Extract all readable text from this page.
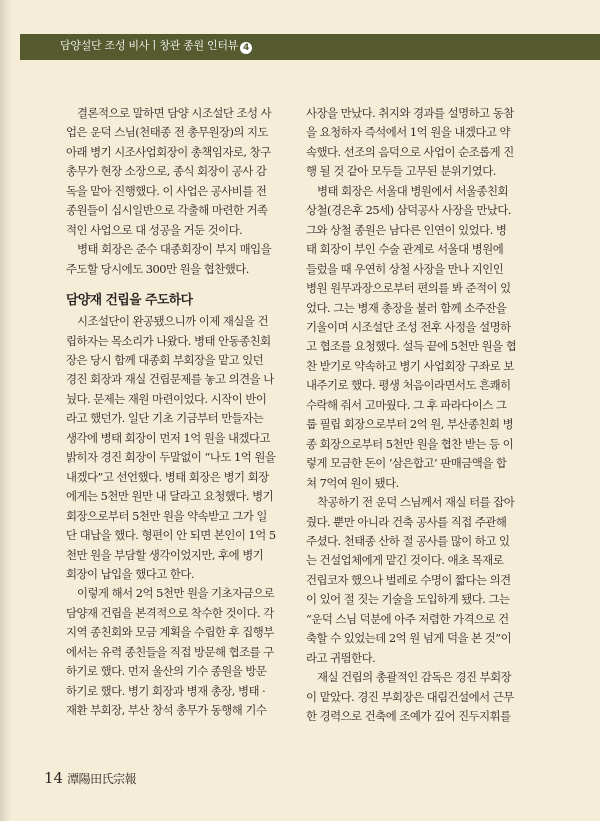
담양설단 조성 비사ㅣ창관 종원 인터뷰 4
결론적으로 말하면 담양 시조설단 조성 사
업은 운덕 스님(천태종 전 총무원장)의 지도
아래 병기 시조사업회장이 총책임자로, 창구
총무가 현장 소장으로, 종식 회장이 공사 감
독을 맡아 진행했다. 이 사업은 공사비를 전
종원들이 십시일반으로 각출해 마련한 거족
적인 사업으로 대 성공을 거둔 것이다.
병태 회장은 준수 대종회장이 부지 매입을
주도할 당시에도 300만 원을 협찬했다.
담양재 건립을 주도하다
시조설단이 완공됐으니까 이제 재실을 건
립하자는 목소리가 나왔다. 병태 안동종친회
장은 당시 함께 대종회 부회장을 맡고 있던
경진 회장과 재실 건립문제를 놓고 의견을 나
눴다. 문제는 재원 마련이었다. 시작이 반이
라고 했던가. 일단 기초 기금부터 만들자는
생각에 병태 회장이 먼저 1억 원을 내겠다고
밝히자 경진 회장이 두말없이 “나도 1억 원을
내겠다”고 선언했다. 병태 회장은 병기 회장
에게는 5천만 원만 내 달라고 요청했다. 병기
회장으로부터 5천만 원을 약속받고 그가 일
단 대납을 했다. 형편이 안 되면 본인이 1억 5
천만 원을 부담할 생각이었지만, 후에 병기
회장이 납입을 했다고 한다.
이렇게 해서 2억 5천만 원을 기초자금으로
담양재 건립을 본격적으로 착수한 것이다. 각
지역 종친회와 모금 계획을 수립한 후 집행부
에서는 유력 종친들을 직접 방문해 협조를 구
하기로 했다. 먼저 울산의 기수 종원을 방문
하기로 했다. 병기 회장과 병재 총장, 병태 ·
재환 부회장, 부산 창석 총무가 동행해 기수
사장을 만났다. 취지와 경과를 설명하고 동참
을 요청하자 즉석에서 1억 원을 내겠다고 약
속했다. 선조의 음덕으로 사업이 순조롭게 진
행 될 것 같아 모두들 고무된 분위기였다.
병태 회장은 서울대 병원에서 서울종친회
상철(경은후 25세) 삼덕공사 사장을 만났다.
그와 상철 종원은 남다른 인연이 있었다. 병
태 회장이 부인 수술 관계로 서울대 병원에
들렀을 때 우연히 상철 사장을 만나 지인인
병원 원무과장으로부터 편의를 봐 준적이 있
었다. 그는 병재 총장을 불러 함께 소주잔을
기울이며 시조설단 조성 전후 사정을 설명하
고 협조를 요청했다. 설득 끝에 5천만 원을 협
찬 받기로 약속하고 병기 사업회장 구좌로 보
내주기로 했다. 평생 처음이라면서도 흔쾌히
수락해 줘서 고마웠다. 그 후 파라다이스 그
룹 필립 회장으로부터 2억 원, 부산종친회 병
종 회장으로부터 5천만 원을 협찬 받는 등 이
렇게 모금한 돈이 ‘삼은합고’ 판매금액을 합
쳐 7억여 원이 됐다.
착공하기 전 운덕 스님께서 재실 터를 잡아
줬다. 뿐만 아니라 건축 공사를 직접 주관해
주셨다. 천태종 산하 절 공사를 많이 하고 있
는 건설업체에게 맡긴 것이다. 애초 목재로
건립코자 했으나 벌레로 수명이 짧다는 의견
이 있어 절 짓는 기술을 도입하게 됐다. 그는
“운덕 스님 덕분에 아주 저렴한 가격으로 건
축할 수 있었는데 2억 원 넘게 덕을 본 것”이
라고 귀띔한다.
재실 건립의 총괄적인 감독은 경진 부회장
이 맡았다. 경진 부회장은 대림건설에서 근무
한 경력으로 건축에 조예가 깊어 진두지휘를
14 潭陽田氏宗報
